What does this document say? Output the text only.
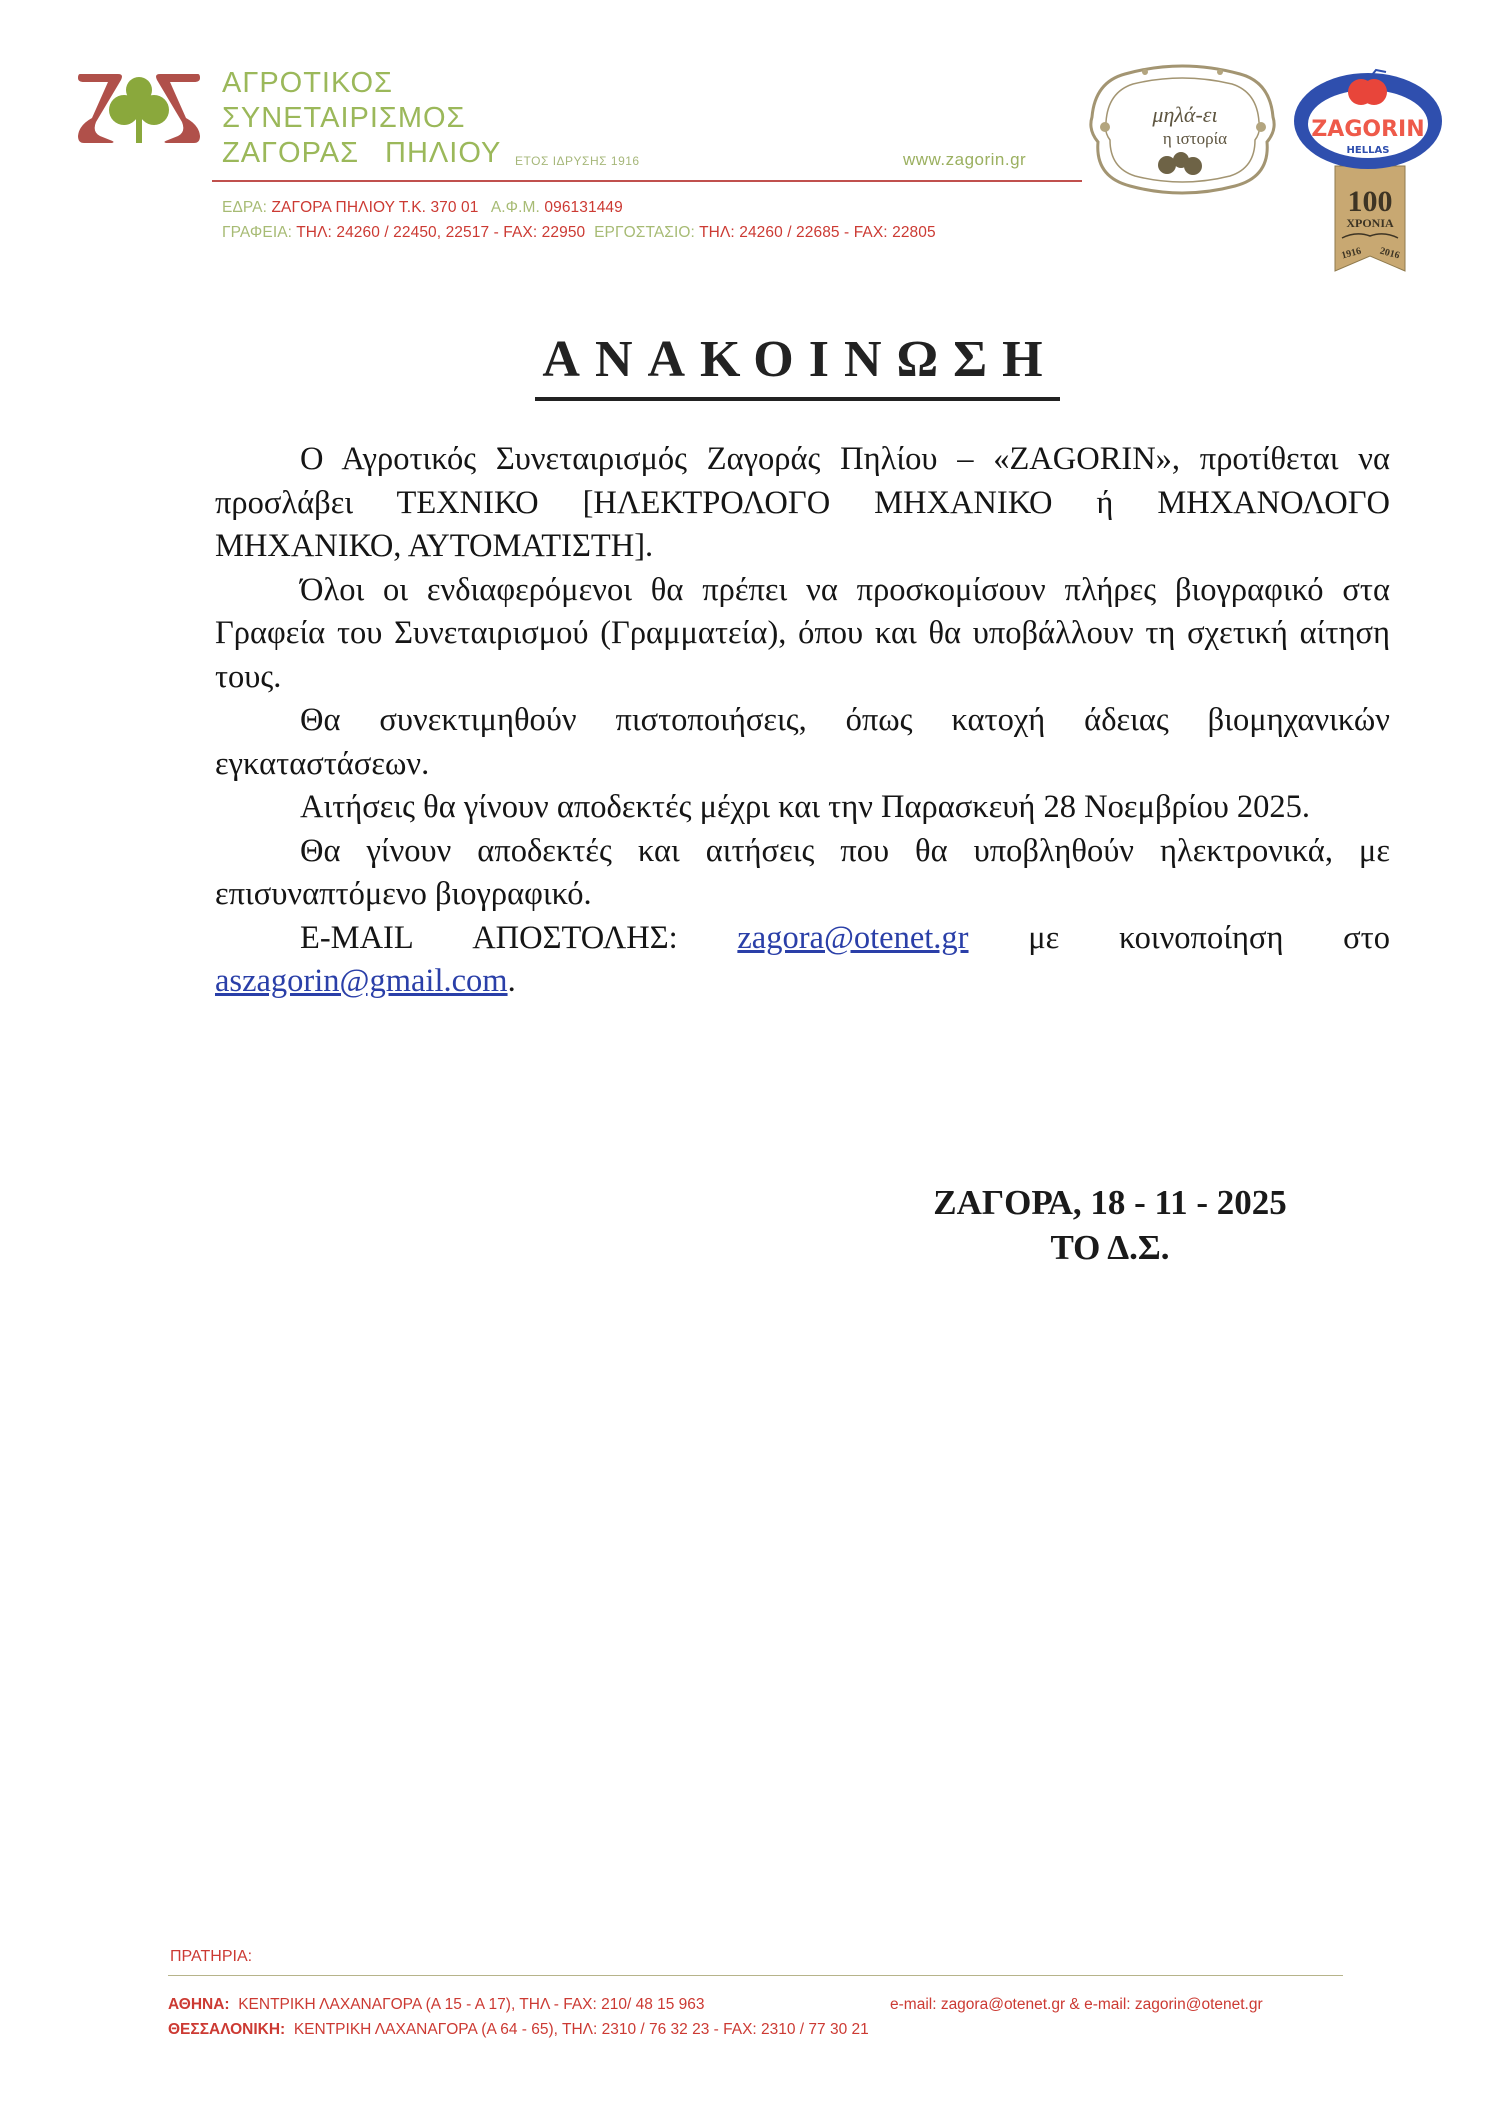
ΑΓΡΟΤΙΚΟΣ
ΣΥΝΕΤΑΙΡΙΣΜΟΣ
ΖΑΓΟΡΑΣ ΠΗΛΙΟΥ ΕΤΟΣ ΙΔΡΥΣΗΣ 1916	www.zagorin.gr
ΕΔΡΑ: ΖΑΓΟΡΑ ΠΗΛΙΟΥ Τ.Κ. 370 01 Α.Φ.Μ. 096131449
ΓΡΑΦΕΙΑ: ΤΗΛ: 24260 / 22450, 22517 - FAX: 22950 ΕΡΓΟΣΤΑΣΙΟ: ΤΗΛ: 24260 / 22685 - FAX: 22805
μηλά-ει
η ιστορία	ZAGORIN
HELLAS
100
ΧΡΟΝΙΑ
1916 2016
ΑΝΑΚΟΙΝΩΣΗ

Ο Αγροτικός Συνεταιρισμός Ζαγοράς Πηλίου – «ZAGORIN», προτίθεται να προσλάβει ΤΕΧΝΙΚΟ [ΗΛΕΚΤΡΟΛΟΓΟ ΜΗΧΑΝΙΚΟ ή ΜΗΧΑΝΟΛΟΓΟ ΜΗΧΑΝΙΚΟ, ΑΥΤΟΜΑΤΙΣΤΗ].

Όλοι οι ενδιαφερόμενοι θα πρέπει να προσκομίσουν πλήρες βιογραφικό στα Γραφεία του Συνεταιρισμού (Γραμματεία), όπου και θα υποβάλλουν τη σχετική αίτηση τους.

Θα συνεκτιμηθούν πιστοποιήσεις, όπως κατοχή άδειας βιομηχανικών εγκαταστάσεων.

Αιτήσεις θα γίνουν αποδεκτές μέχρι και την Παρασκευή 28 Νοεμβρίου 2025.

Θα γίνουν αποδεκτές και αιτήσεις που θα υποβληθούν ηλεκτρονικά, με επισυναπτόμενο βιογραφικό.

E-MAIL ΑΠΟΣΤΟΛΗΣ: zagora@otenet.gr με κοινοποίηση στο aszagorin@gmail.com.

ΖΑΓΟΡΑ, 18 - 11 - 2025
ΤΟ Δ.Σ.
ΠΡΑΤΗΡΙΑ:
ΑΘΗΝΑ: ΚΕΝΤΡΙΚΗ ΛΑΧΑΝΑΓΟΡΑ (Α 15 - Α 17), ΤΗΛ - FAX: 210/ 48 15 963	e-mail: zagora@otenet.gr & e-mail: zagorin@otenet.gr
ΘΕΣΣΑΛΟΝΙΚΗ: ΚΕΝΤΡΙΚΗ ΛΑΧΑΝΑΓΟΡΑ (Α 64 - 65), ΤΗΛ: 2310 / 76 32 23 - FAX: 2310 / 77 30 21
